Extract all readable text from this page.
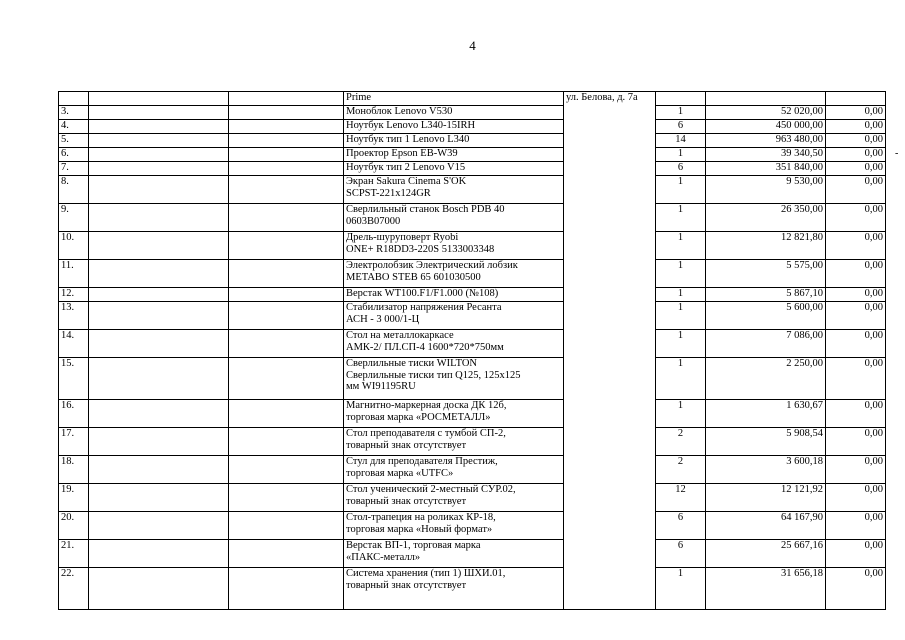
4
-
			Prime	ул. Белова, д. 7а			
3.			Моноблок Lenovo V530		1	52 020,00	0,00
4.			Ноутбук Lenovo L340-15IRH		6	450 000,00	0,00
5.			Ноутбук тип 1 Lenovo L340		14	963 480,00	0,00
6.			Проектор Epson EB-W39		1	39 340,50	0,00
7.			Ноутбук тип 2 Lenovo V15		6	351 840,00	0,00
8.			Экран Sakura Cinema S'OK
SCPST-221x124GR		1	9 530,00	0,00
9.			Сверлильный станок Bosch PDB 40
0603B07000		1	26 350,00	0,00
10.			Дрель-шуруповерт Ryobi
ONE+ R18DD3-220S 5133003348		1	12 821,80	0,00
11.			Электролобзик Электрический лобзик
METABO STEB 65 601030500		1	5 575,00	0,00
12.			Верстак WT100.F1/F1.000 (№108)		1	5 867,10	0,00
13.			Стабилизатор напряжения Ресанта
АСН - 3 000/1-Ц		1	5 600,00	0,00
14.			Стол на металлокаркасе
АМК-2/ ПЛ.СП-4 1600*720*750мм		1	7 086,00	0,00
15.			Сверлильные тиски WILTON
Сверлильные тиски тип Q125, 125x125
мм WI91195RU		1	2 250,00	0,00
16.			Магнитно-маркерная доска ДК 12б,
торговая марка «РОСМЕТАЛЛ»		1	1 630,67	0,00
17.			Стол преподавателя с тумбой СП-2,
товарный знак отсутствует		2	5 908,54	0,00
18.			Стул для преподавателя Престиж,
торговая марка «UTFC»		2	3 600,18	0,00
19.			Стол ученический 2-местный СУР.02,
товарный знак отсутствует		12	12 121,92	0,00
20.			Стол-трапеция на роликах КР-18,
торговая марка «Новый формат»		6	64 167,90	0,00
21.			Верстак ВП-1, торговая марка
«ПАКС-металл»		6	25 667,16	0,00
22.			Система хранения (тип 1) ШХИ.01,
товарный знак отсутствует		1	31 656,18	0,00
